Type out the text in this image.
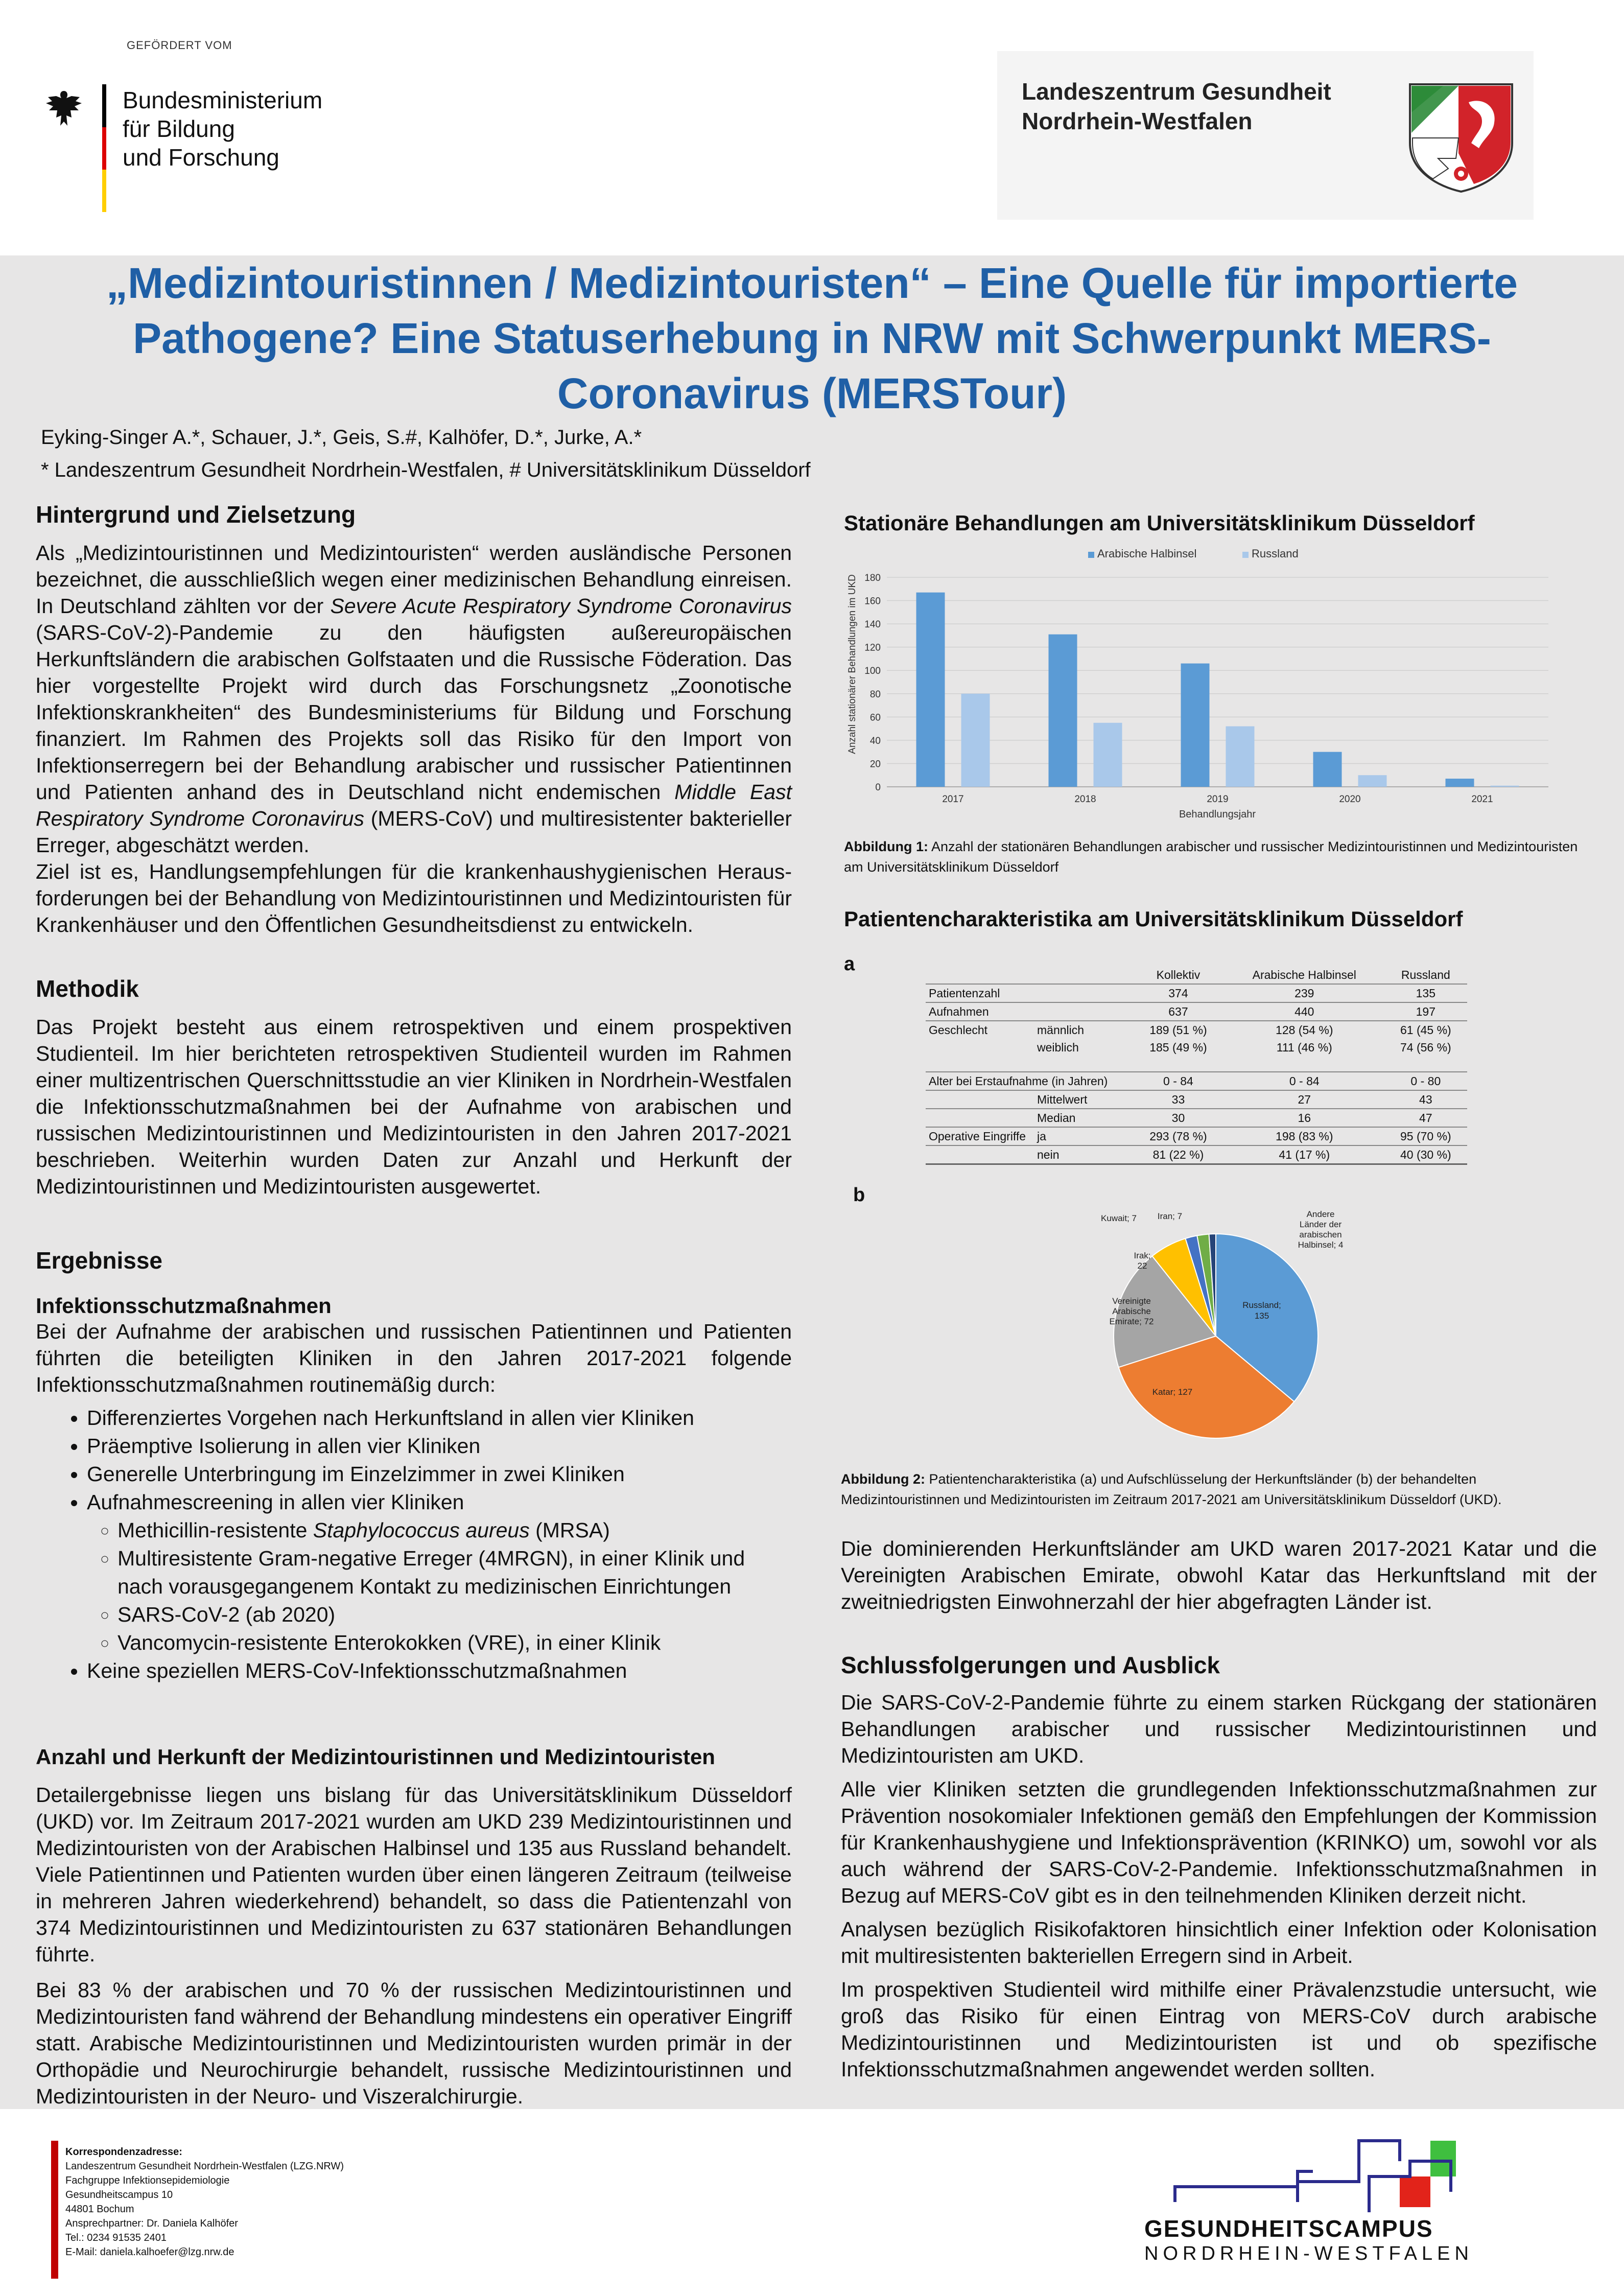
GEFÖRDERT VOM
Bundesministerium
für Bildung
und Forschung
Landeszentrum Gesundheit
Nordrhein-Westfalen
„Medizintouristinnen / Medizintouristen“ – Eine Quelle für importierte
Pathogene? Eine Statuserhebung in NRW mit Schwerpunkt MERS-
Coronavirus (MERSTour)
Eyking-Singer A.*, Schauer, J.*, Geis, S.#, Kalhöfer, D.*, Jurke, A.*
* Landeszentrum Gesundheit Nordrhein-Westfalen, # Universitätsklinikum Düsseldorf
Hintergrund und Zielsetzung

Als „Medizintouristinnen und Medizintouristen“ werden ausländische Personen bezeichnet, die ausschließlich wegen einer medizinischen Behandlung einreisen. In Deutschland zählten vor der Severe Acute Respiratory Syndrome Coronavirus (SARS-CoV-2)-Pandemie zu den häufigsten außereuropäischen Herkunftsländern die arabischen Golfstaaten und die Russische Föderation. Das hier vorgestellte Projekt wird durch das Forschungsnetz „Zoonotische Infektionskrankheiten“ des Bundesministeriums für Bildung und Forschung finanziert. Im Rahmen des Projekts soll das Risiko für den Import von Infektionserregern bei der Behandlung arabischer und russischer Patientinnen und Patienten anhand des in Deutschland nicht endemischen Middle East Respiratory Syndrome Coronavirus (MERS-CoV) und multiresistenter bakterieller Erreger, abgeschätzt werden.

Ziel ist es, Handlungsempfehlungen für die krankenhaushygienischen Heraus-forderungen bei der Behandlung von Medizintouristinnen und Medizintouristen für Krankenhäuser und den Öffentlichen Gesundheitsdienst zu entwickeln.

Methodik

Das Projekt besteht aus einem retrospektiven und einem prospektiven Studienteil. Im hier berichteten retrospektiven Studienteil wurden im Rahmen einer multizentrischen Querschnittsstudie an vier Kliniken in Nordrhein-Westfalen die Infektionsschutzmaßnahmen bei der Aufnahme von arabischen und russischen Medizintouristinnen und Medizintouristen in den Jahren 2017-2021 beschrieben. Weiterhin wurden Daten zur Anzahl und Herkunft der Medizintouristinnen und Medizintouristen ausgewertet.

Ergebnisse
Infektionsschutzmaßnahmen

Bei der Aufnahme der arabischen und russischen Patientinnen und Patienten führten die beteiligten Kliniken in den Jahren 2017-2021 folgende Infektionsschutzmaßnahmen routinemäßig durch:

• Differenziertes Vorgehen nach Herkunftsland in allen vier Kliniken
• Präemptive Isolierung in allen vier Kliniken
• Generelle Unterbringung im Einzelzimmer in zwei Kliniken
• Aufnahmescreening in allen vier Kliniken
◦ Methicillin-resistente Staphylococcus aureus (MRSA)
◦ Multiresistente Gram-negative Erreger (4MRGN), in einer Klinik und nach vorausgegangenem Kontakt zu medizinischen Einrichtungen
◦ SARS-CoV-2 (ab 2020)
◦ Vancomycin-resistente Enterokokken (VRE), in einer Klinik
• Keine speziellen MERS-CoV-Infektionsschutzmaßnahmen
Anzahl und Herkunft der Medizintouristinnen und Medizintouristen

Detailergebnisse liegen uns bislang für das Universitätsklinikum Düsseldorf (UKD) vor. Im Zeitraum 2017-2021 wurden am UKD 239 Medizintouristinnen und Medizintouristen von der Arabischen Halbinsel und 135 aus Russland behandelt. Viele Patientinnen und Patienten wurden über einen längeren Zeitraum (teilweise in mehreren Jahren wiederkehrend) behandelt, so dass die Patientenzahl von 374 Medizintouristinnen und Medizintouristen zu 637 stationären Behandlungen führte.

Bei 83 % der arabischen und 70 % der russischen Medizintouristinnen und Medizintouristen fand während der Behandlung mindestens ein operativer Eingriff statt. Arabische Medizintouristinnen und Medizintouristen wurden primär in der Orthopädie und Neurochirurgie behandelt, russische Medizintouristinnen und Medizintouristen in der Neuro- und Viszeralchirurgie.

Stationäre Behandlungen am Universitätsklinikum Düsseldorf
0
20
40
60
80
100
120
140
160
180
2017	2018	2019	2020	2021
Arabische Halbinsel	Russland
Anzahl stationärer Behandlungen im UKD
Behandlungsjahr
Abbildung 1: Anzahl der stationären Behandlungen arabischer und russischer Medizintouristinnen und Medizintouristen am Universitätsklinikum Düsseldorf
Patientencharakteristika am Universitätsklinikum Düsseldorf
a
			Kollektiv	Arabische Halbinsel	Russland
Patientenzahl		374	239	135
Aufnahmen		637	440	197
Geschlecht	männlich	189 (51 %)	128 (54 %)	61 (45 %)
	weiblich	185 (49 %)	111 (46 %)	74 (56 %)

Alter bei Erstaufnahme (in Jahren)		0 - 84	0 - 84	0 - 80
	Mittelwert	33	27	43
	Median	30	16	47
Operative Eingriffe	ja	293 (78 %)	198 (83 %)	95 (70 %)
	nein	81 (22 %)	41 (17 %)	40 (30 %)
b
Russland;
135
Katar; 127
Vereinigte
Arabische
Emirate; 72
Irak;
22
Kuwait; 7 Iran; 7	Andere
Länder der
arabischen
Halbinsel; 4
Abbildung 2: Patientencharakteristika (a) und Aufschlüsselung der Herkunftsländer (b) der behandelten Medizintouristinnen und Medizintouristen im Zeitraum 2017-2021 am Universitätsklinikum Düsseldorf (UKD).

Die dominierenden Herkunftsländer am UKD waren 2017-2021 Katar und die Vereinigten Arabischen Emirate, obwohl Katar das Herkunftsland mit der zweitniedrigsten Einwohnerzahl der hier abgefragten Länder ist.

Schlussfolgerungen und Ausblick

Die SARS-CoV-2-Pandemie führte zu einem starken Rückgang der stationären Behandlungen arabischer und russischer Medizintouristinnen und Medizintouristen am UKD.

Alle vier Kliniken setzten die grundlegenden Infektionsschutzmaßnahmen zur Prävention nosokomialer Infektionen gemäß den Empfehlungen der Kommission für Krankenhaushygiene und Infektionsprävention (KRINKO) um, sowohl vor als auch während der SARS-CoV-2-Pandemie. Infektionsschutzmaßnahmen in Bezug auf MERS-CoV gibt es in den teilnehmenden Kliniken derzeit nicht.

Analysen bezüglich Risikofaktoren hinsichtlich einer Infektion oder Kolonisation mit multiresistenten bakteriellen Erregern sind in Arbeit.

Im prospektiven Studienteil wird mithilfe einer Prävalenzstudie untersucht, wie groß das Risiko für einen Eintrag von MERS-CoV durch arabische Medizintouristinnen und Medizintouristen ist und ob spezifische Infektionsschutzmaßnahmen angewendet werden sollten.

Korrespondenzadresse:
Landeszentrum Gesundheit Nordrhein-Westfalen (LZG.NRW)
Fachgruppe Infektionsepidemiologie
Gesundheitscampus 10
44801 Bochum
Ansprechpartner: Dr. Daniela Kalhöfer
Tel.: 0234 91535 2401
E-Mail: daniela.kalhoefer@lzg.nrw.de
GESUNDHEITSCAMPUS
NORDRHEIN-WESTFALEN
